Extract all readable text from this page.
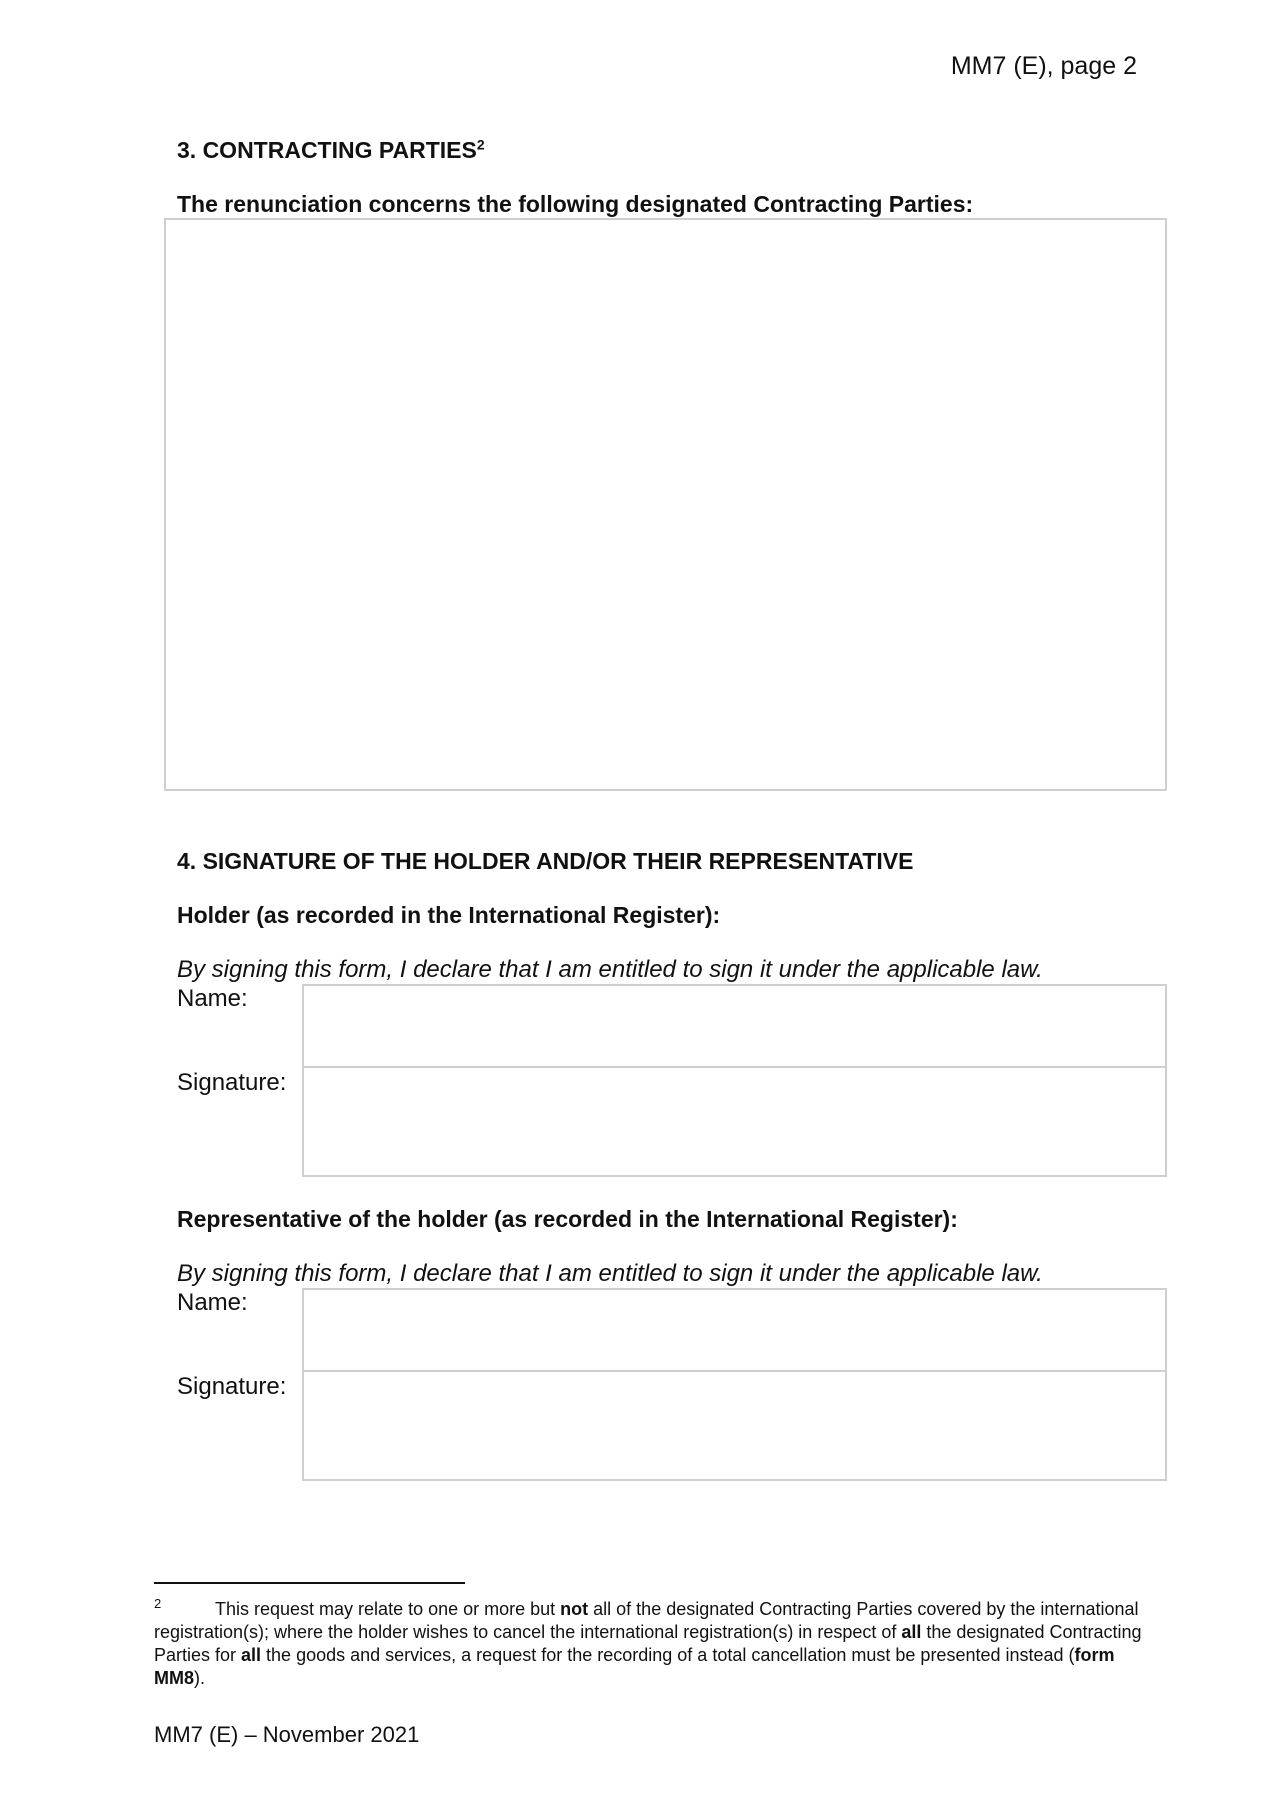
MM7 (E), page 2
3. CONTRACTING PARTIES$^2$
The renunciation concerns the following designated Contracting Parties:
4. SIGNATURE OF THE HOLDER AND/OR THEIR REPRESENTATIVE
Holder (as recorded in the International Register):
By signing this form, I declare that I am entitled to sign it under the applicable law.
Name:
Signature:
Representative of the holder (as recorded in the International Register):
By signing this form, I declare that I am entitled to sign it under the applicable law.
Name:
Signature:
2	This request may relate to one or more but not all of the designated Contracting Parties covered by the international registration(s); where the holder wishes to cancel the international registration(s) in respect of all the designated Contracting Parties for all the goods and services, a request for the recording of a total cancellation must be presented instead (form MM8).
MM7 (E) – November 2021
